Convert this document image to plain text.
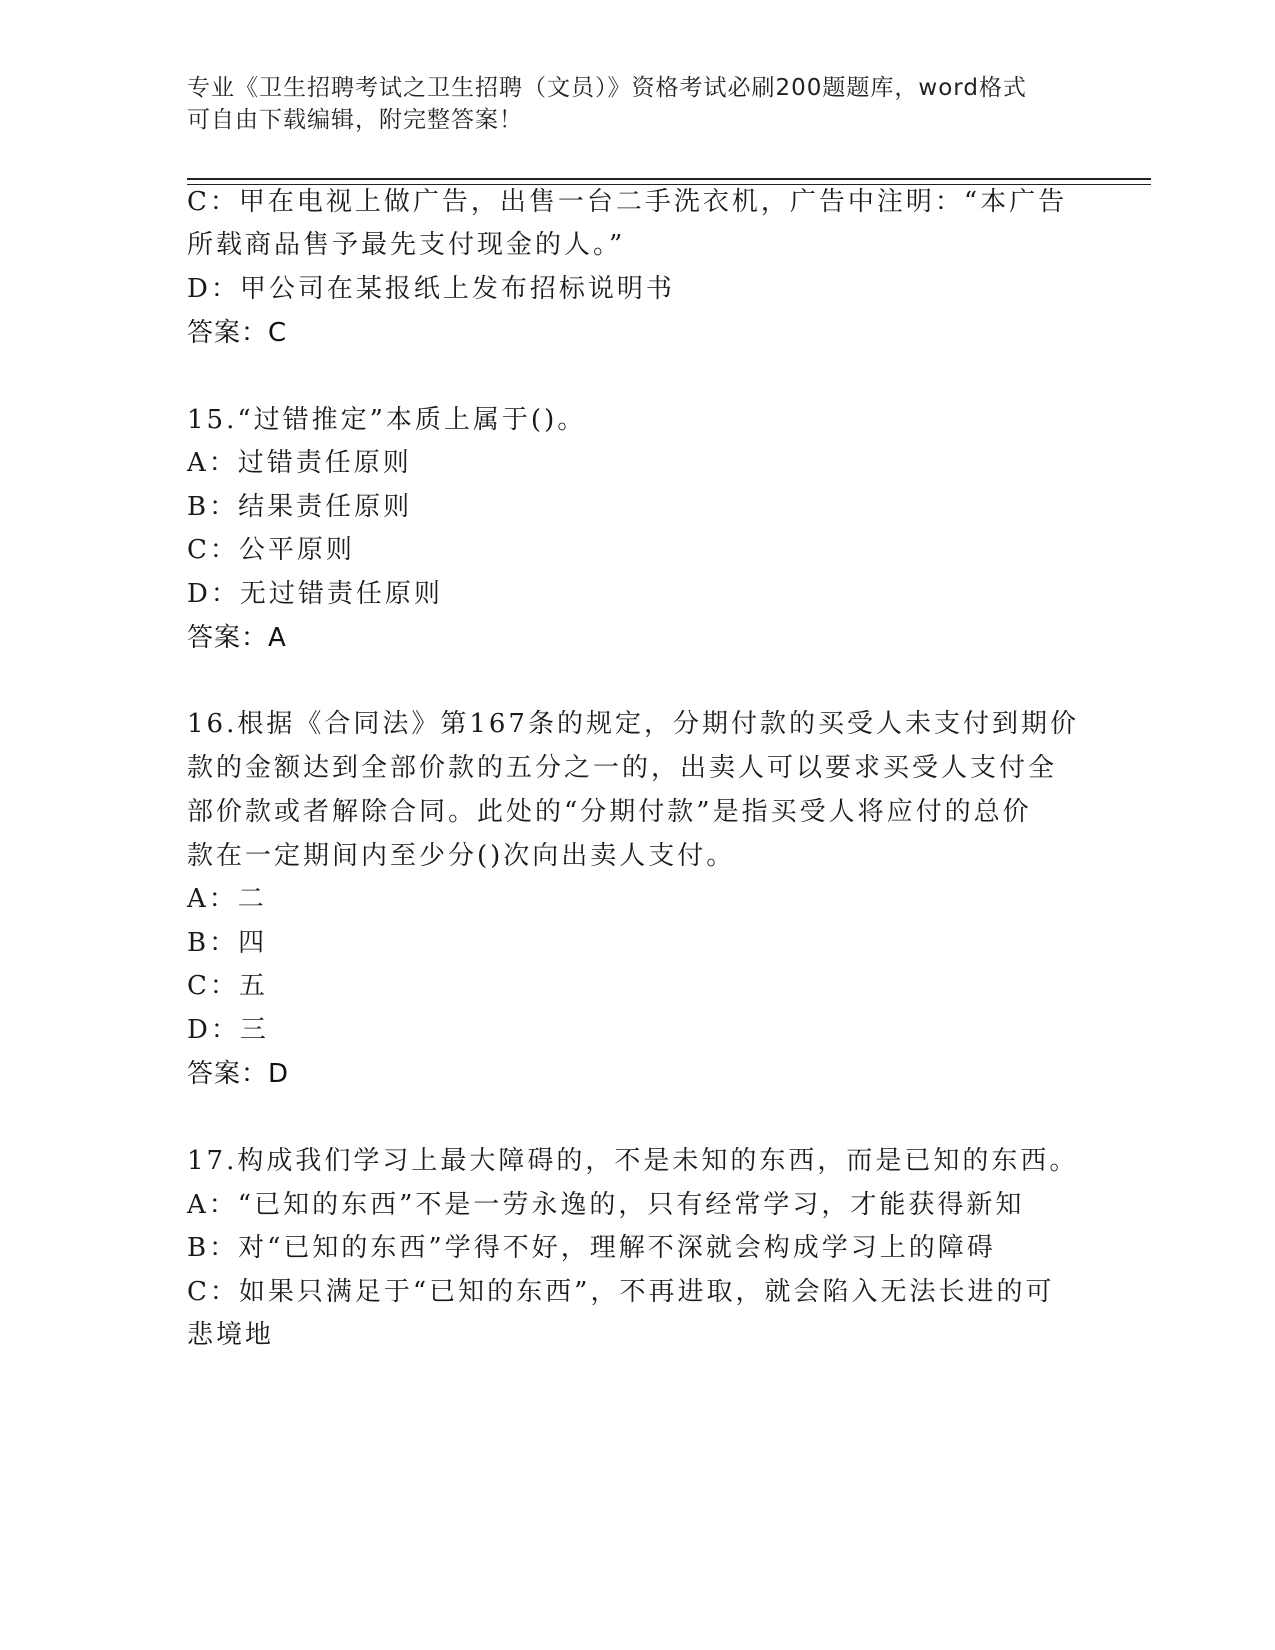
专业《卫生招聘考试之卫生招聘（文员）》资格考试必刷200题题库，word格式
可自由下载编辑，附完整答案！
C：甲在电视上做广告，出售一台二手洗衣机，广告中注明：“本广告
所载商品售予最先支付现金的人。”
D：甲公司在某报纸上发布招标说明书
答案：C
15.“过错推定”本质上属于()。
A：过错责任原则
B：结果责任原则
C：公平原则
D：无过错责任原则
答案：A
16.根据《合同法》第167条的规定，分期付款的买受人未支付到期价
款的金额达到全部价款的五分之一的，出卖人可以要求买受人支付全
部价款或者解除合同。此处的“分期付款”是指买受人将应付的总价
款在一定期间内至少分()次向出卖人支付。
A：二
B：四
C：五
D：三
答案：D
17.构成我们学习上最大障碍的，不是未知的东西，而是已知的东西。
A：“已知的东西”不是一劳永逸的，只有经常学习，才能获得新知
B：对“已知的东西”学得不好，理解不深就会构成学习上的障碍
C：如果只满足于“已知的东西”，不再进取，就会陷入无法长进的可
悲境地
